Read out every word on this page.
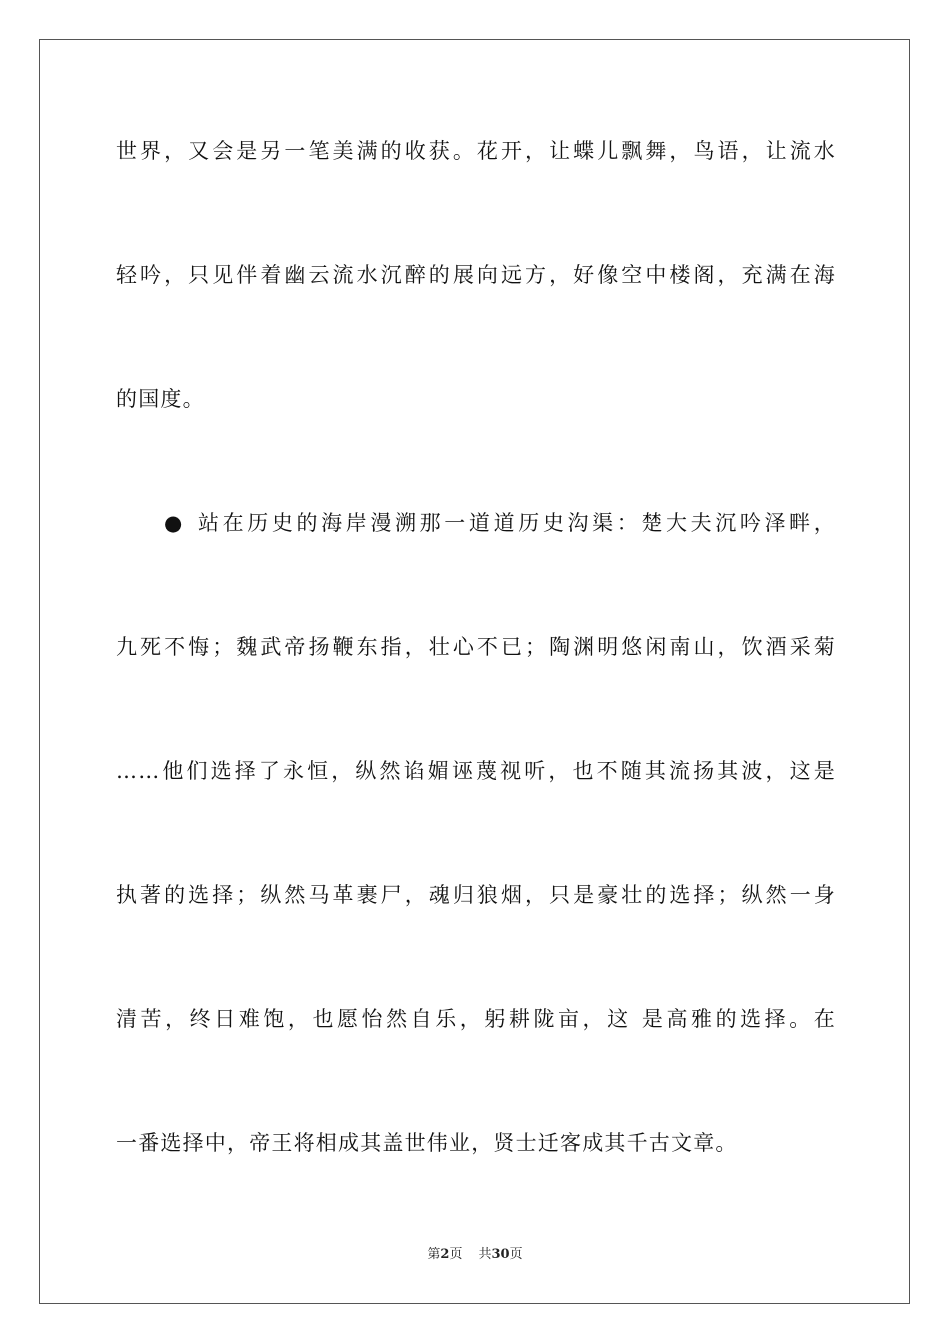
世界，又会是另一笔美满的收获。花开，让蝶儿飘舞，鸟语，让流水
轻吟，只见伴着幽云流水沉醉的展向远方，好像空中楼阁，充满在海
的国度。
● 站在历史的海岸漫溯那一道道历史沟渠：楚大夫沉吟泽畔，
九死不悔；魏武帝扬鞭东指，壮心不已；陶渊明悠闲南山，饮酒采菊
……他们选择了永恒，纵然谄媚诬蔑视听，也不随其流扬其波，这是
执著的选择；纵然马革裹尸，魂归狼烟，只是豪壮的选择；纵然一身
清苦，终日难饱，也愿怡然自乐，躬耕陇亩，这 是高雅的选择。在
一番选择中，帝王将相成其盖世伟业，贤士迁客成其千古文章。
第2页 共30页
